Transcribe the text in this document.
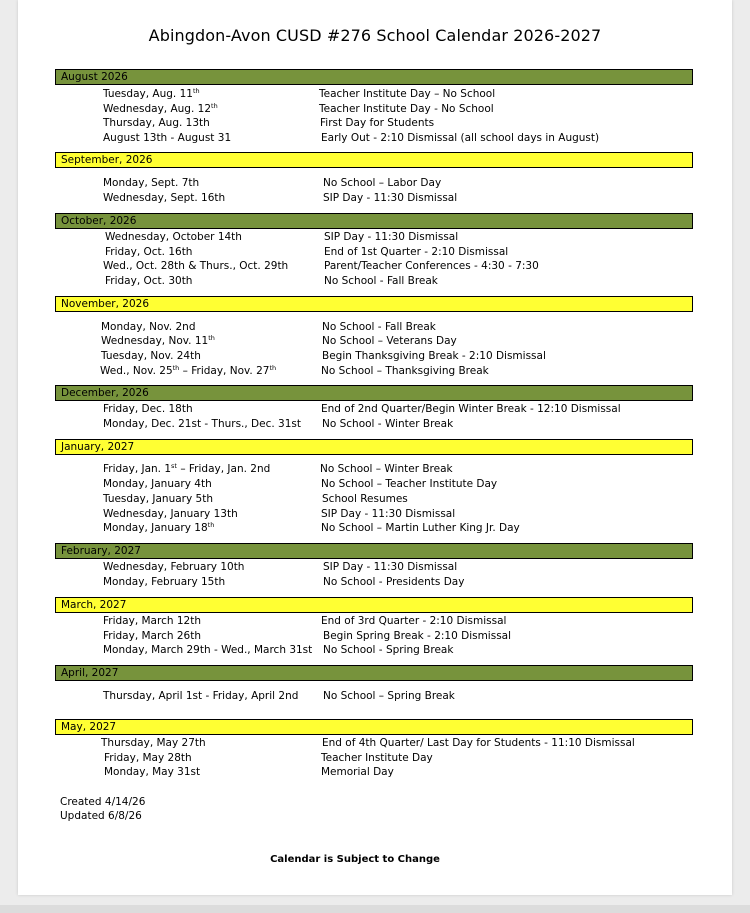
Abingdon-Avon CUSD #276 School Calendar 2026-2027
August 2026
Tuesday, Aug. 11th	Teacher Institute Day – No School
Wednesday, Aug. 12th	Teacher Institute Day - No School
Thursday, Aug. 13th	First Day for Students
August 13th - August 31	Early Out - 2:10 Dismissal (all school days in August)
September, 2026
Monday, Sept. 7th	No School – Labor Day
Wednesday, Sept. 16th	SIP Day - 11:30 Dismissal
October, 2026
Wednesday, October 14th	SIP Day - 11:30 Dismissal
Friday, Oct. 16th	End of 1st Quarter - 2:10 Dismissal
Wed., Oct. 28th & Thurs., Oct. 29th	Parent/Teacher Conferences - 4:30 - 7:30
Friday, Oct. 30th	No School - Fall Break
November, 2026
Monday, Nov. 2nd	No School - Fall Break
Wednesday, Nov. 11th	No School – Veterans Day
Tuesday, Nov. 24th	Begin Thanksgiving Break - 2:10 Dismissal
Wed., Nov. 25th – Friday, Nov. 27th	No School – Thanksgiving Break
December, 2026
Friday, Dec. 18th	End of 2nd Quarter/Begin Winter Break - 12:10 Dismissal
Monday, Dec. 21st - Thurs., Dec. 31st No School - Winter Break
January, 2027
Friday, Jan. 1st – Friday, Jan. 2nd	No School – Winter Break
Monday, January 4th	No School – Teacher Institute Day
Tuesday, January 5th	School Resumes
Wednesday, January 13th	SIP Day - 11:30 Dismissal
Monday, January 18th	No School – Martin Luther King Jr. Day
February, 2027
Wednesday, February 10th	SIP Day - 11:30 Dismissal
Monday, February 15th	No School - Presidents Day
March, 2027
Friday, March 12th	End of 3rd Quarter - 2:10 Dismissal
Friday, March 26th	Begin Spring Break - 2:10 Dismissal
Monday, March 29th - Wed., March 31st No School - Spring Break
April, 2027
Thursday, April 1st - Friday, April 2nd No School – Spring Break
May, 2027
Thursday, May 27th	End of 4th Quarter/ Last Day for Students - 11:10 Dismissal
Friday, May 28th	Teacher Institute Day
Monday, May 31st	Memorial Day
Created 4/14/26
Updated 6/8/26
Calendar is Subject to Change
